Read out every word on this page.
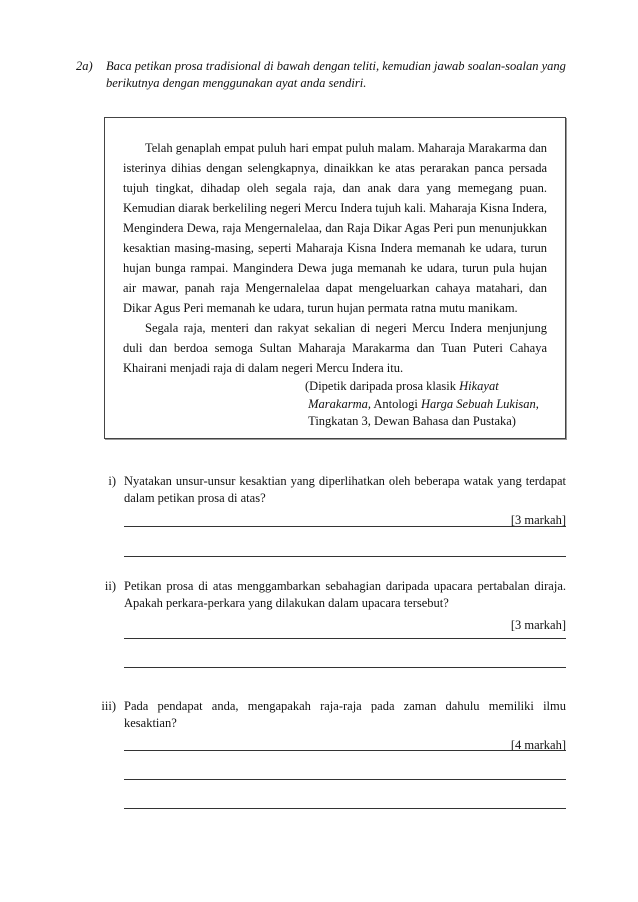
2a)	Baca petikan prosa tradisional di bawah dengan teliti, kemudian jawab soalan-soalan yang berikutnya dengan menggunakan ayat anda sendiri.

Telah genaplah empat puluh hari empat puluh malam. Maharaja Marakarma dan isterinya dihias dengan selengkapnya, dinaikkan ke atas perarakan panca persada tujuh tingkat, dihadap oleh segala raja, dan anak dara yang memegang puan. Kemudian diarak berkeliling negeri Mercu Indera tujuh kali. Maharaja Kisna Indera, Mengindera Dewa, raja Mengernalelaa, dan Raja Dikar Agas Peri pun menunjukkan kesaktian masing-masing, seperti Maharaja Kisna Indera memanah ke udara, turun hujan bunga rampai. Mangindera Dewa juga memanah ke udara, turun pula hujan air mawar, panah raja Mengernalelaa dapat mengeluarkan cahaya matahari, dan Dikar Agus Peri memanah ke udara, turun hujan permata ratna mutu manikam.

Segala raja, menteri dan rakyat sekalian di negeri Mercu Indera menjunjung duli dan berdoa semoga Sultan Maharaja Marakarma dan Tuan Puteri Cahaya Khairani menjadi raja di dalam negeri Mercu Indera itu.

(Dipetik daripada prosa klasik Hikayat
Marakarma, Antologi Harga Sebuah Lukisan,
Tingkatan 3, Dewan Bahasa dan Pustaka)
i) Nyatakan unsur-unsur kesaktian yang diperlihatkan oleh beberapa watak yang terdapat dalam petikan prosa di atas?
[3 markah]
ii) Petikan prosa di atas menggambarkan sebahagian daripada upacara pertabalan diraja. Apakah perkara-perkara yang dilakukan dalam upacara tersebut?
[3 markah]
iii) Pada pendapat anda, mengapakah raja-raja pada zaman dahulu memiliki ilmu kesaktian?
[4 markah]
